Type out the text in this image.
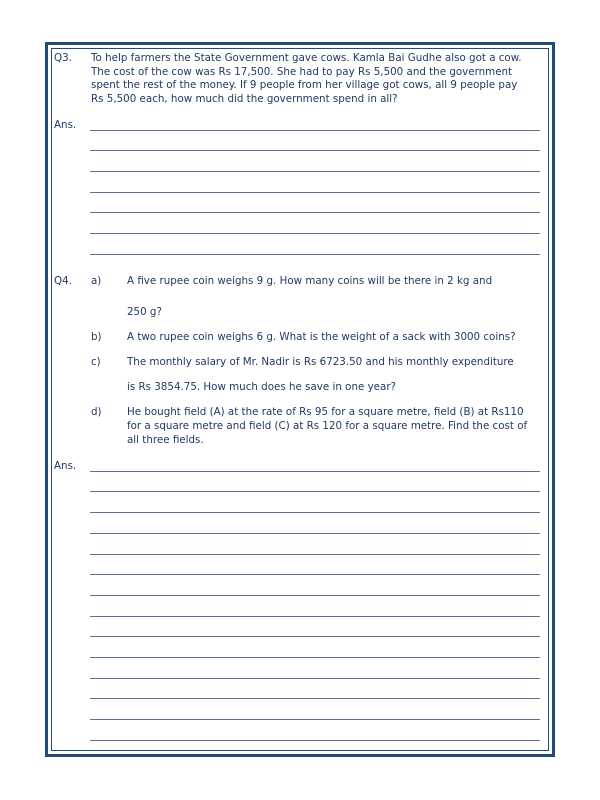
Q3. To help farmers the State Government gave cows. Kamla Bai Gudhe also got a cow.
The cost of the cow was Rs 17,500. She had to pay Rs 5,500 and the government
spent the rest of the money. If 9 people from her village got cows, all 9 people pay
Rs 5,500 each, how much did the government spend in all?
Ans.
Q4. a) A five rupee coin weighs 9 g. How many coins will be there in 2 kg and
250 g?
b) A two rupee coin weighs 6 g. What is the weight of a sack with 3000 coins?
c)	The monthly salary of Mr. Nadir is Rs 6723.50 and his monthly expenditure
is Rs 3854.75. How much does he save in one year?
d) He bought field (A) at the rate of Rs 95 for a square metre, field (B) at Rs110
for a square metre and field (C) at Rs 120 for a square metre. Find the cost of
all three fields.
Ans.
